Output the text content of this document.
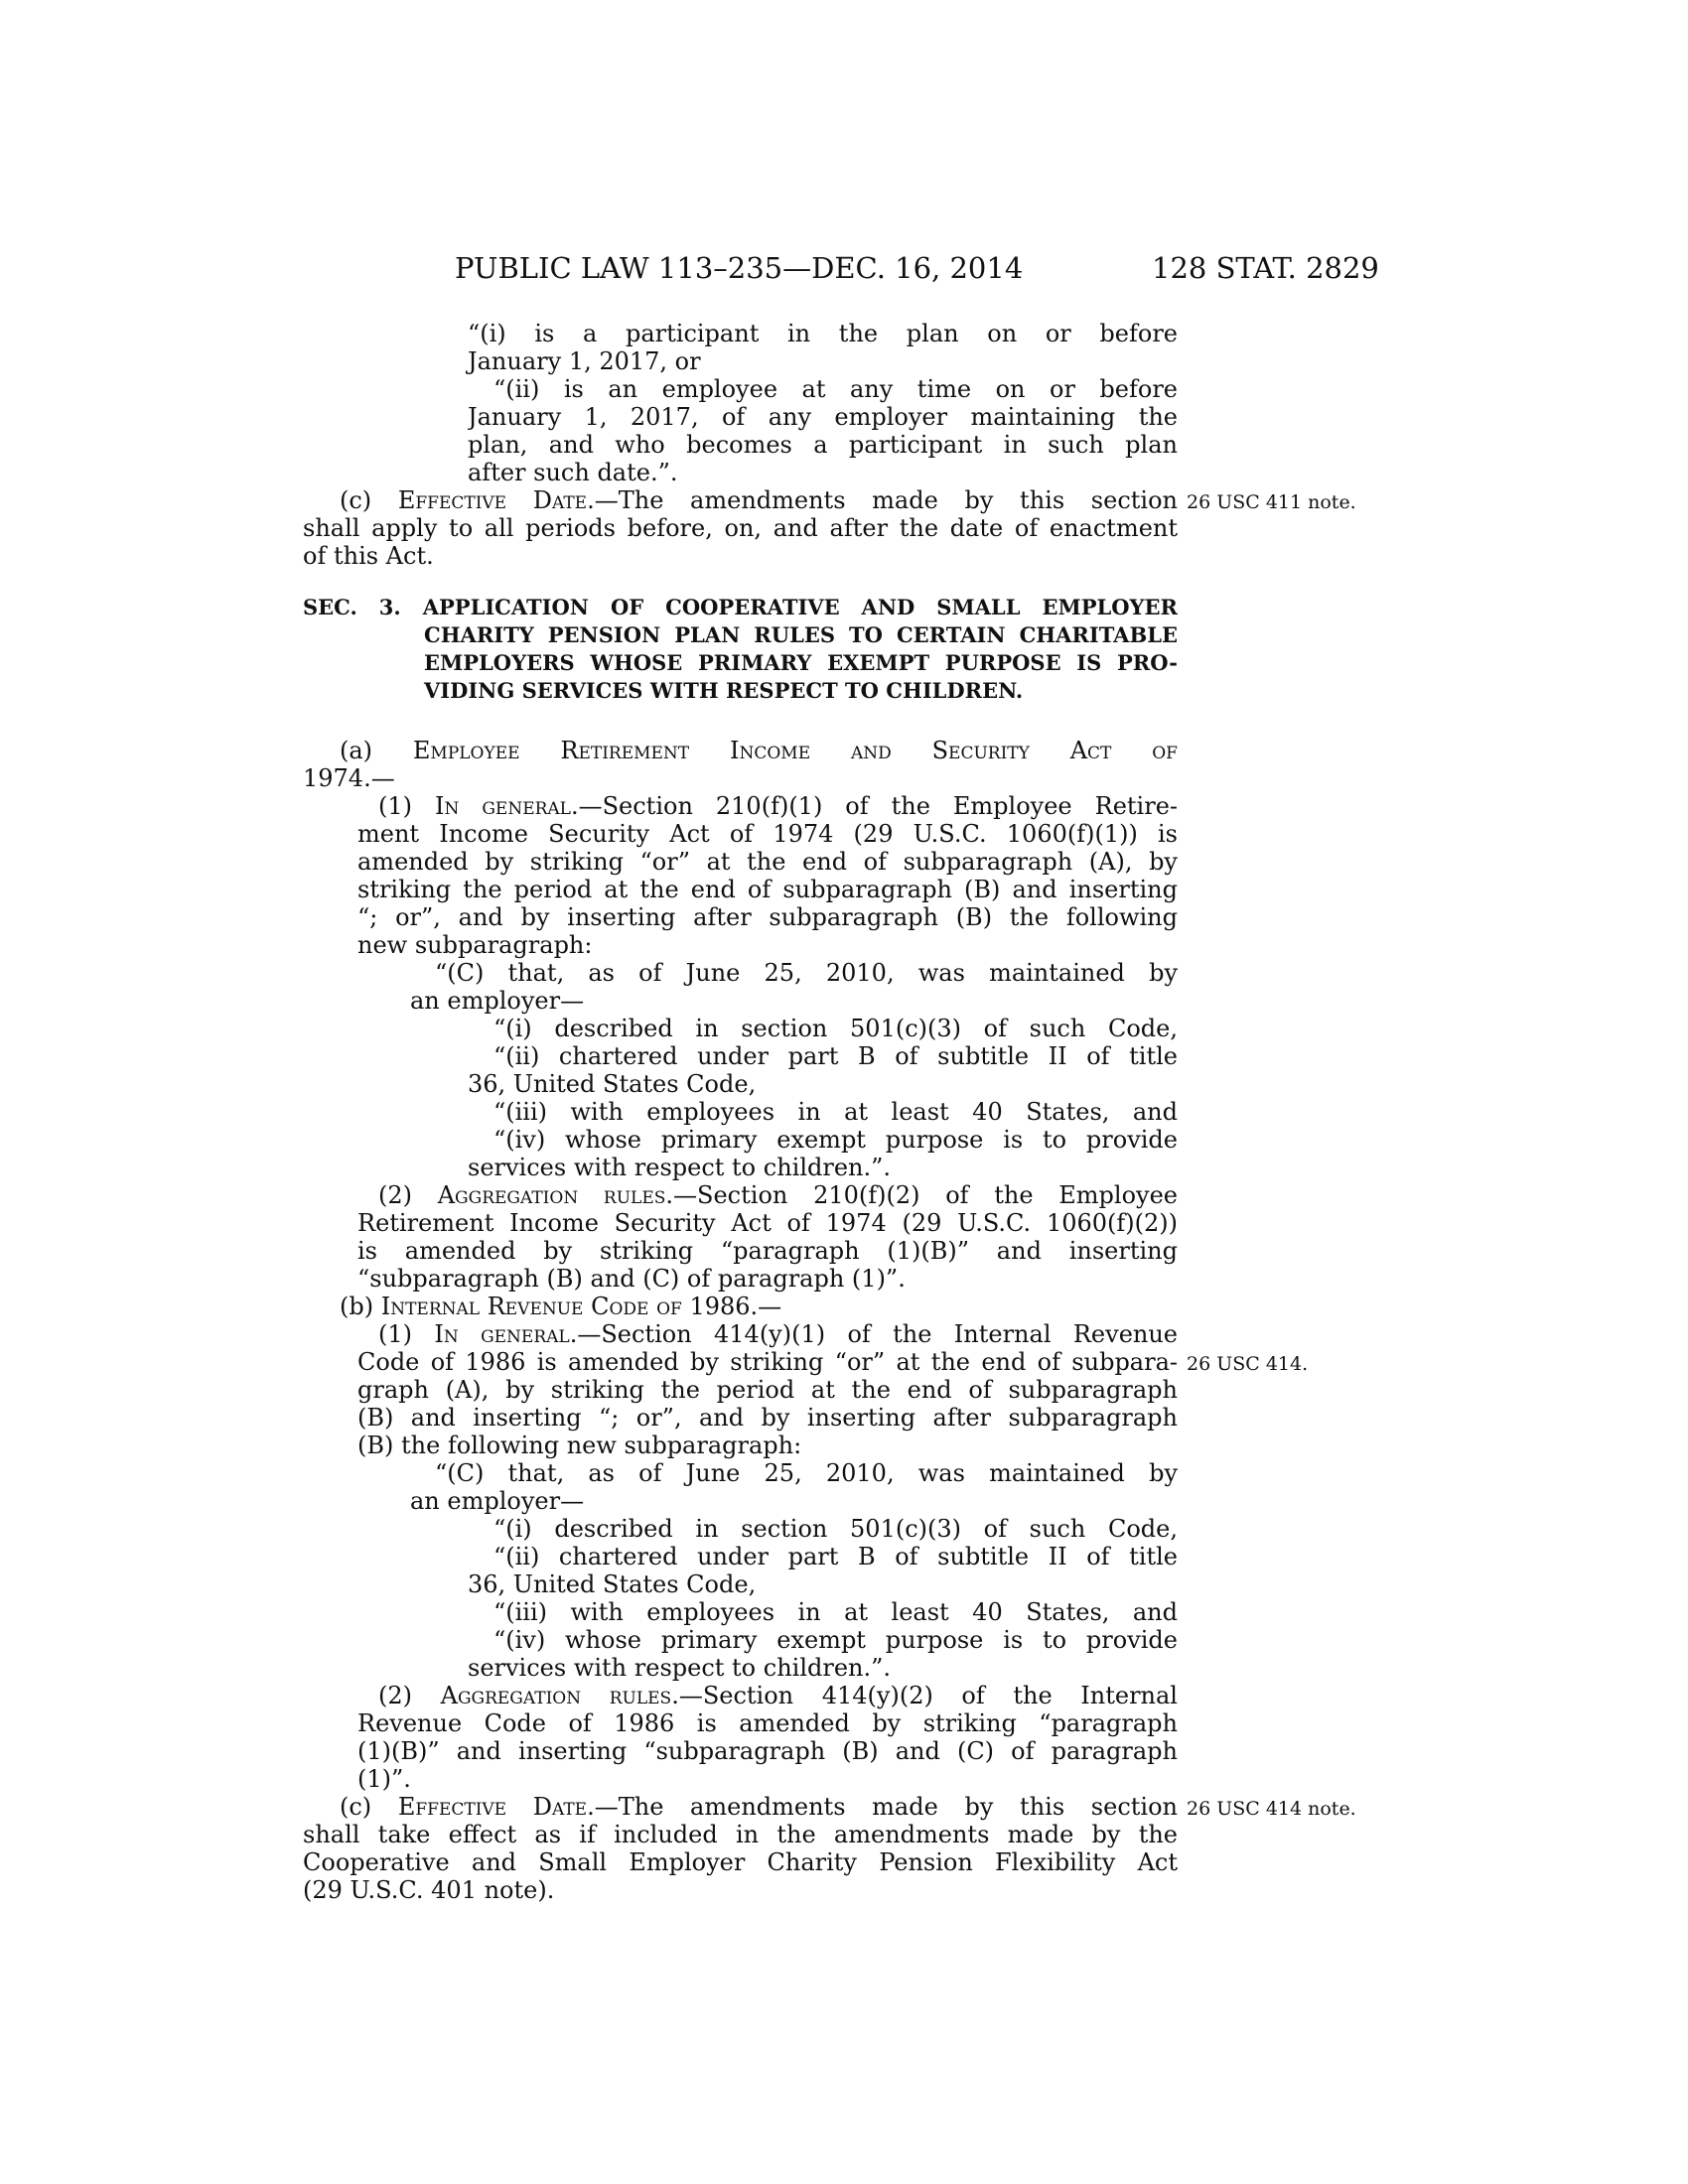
PUBLIC LAW 113–235—DEC. 16, 2014	128 STAT. 2829
“(i) is a participant in the plan on or before
January 1, 2017, or
“(ii) is an employee at any time on or before
January 1, 2017, of any employer maintaining the
plan, and who becomes a participant in such plan
after such date.”.
(c) Effective Date.—The amendments made by this section
shall apply to all periods before, on, and after the date of enactment
of this Act.
(a) Employee Retirement Income and Security Act of
1974.—
(1) In general.—Section 210(f)(1) of the Employee Retire-
ment Income Security Act of 1974 (29 U.S.C. 1060(f)(1)) is
amended by striking “or” at the end of subparagraph (A), by
striking the period at the end of subparagraph (B) and inserting
“; or”, and by inserting after subparagraph (B) the following
new subparagraph:
“(C) that, as of June 25, 2010, was maintained by
an employer—
“(i) described in section 501(c)(3) of such Code,
“(ii) chartered under part B of subtitle II of title
36, United States Code,
“(iii) with employees in at least 40 States, and
“(iv) whose primary exempt purpose is to provide
services with respect to children.”.
(2) Aggregation rules.—Section 210(f)(2) of the Employee
Retirement Income Security Act of 1974 (29 U.S.C. 1060(f)(2))
is amended by striking “paragraph (1)(B)” and inserting
“subparagraph (B) and (C) of paragraph (1)”.
(b) Internal Revenue Code of 1986.—
(1) In general.—Section 414(y)(1) of the Internal Revenue
Code of 1986 is amended by striking “or” at the end of subpara-
graph (A), by striking the period at the end of subparagraph
(B) and inserting “; or”, and by inserting after subparagraph
(B) the following new subparagraph:
“(C) that, as of June 25, 2010, was maintained by
an employer—
“(i) described in section 501(c)(3) of such Code,
“(ii) chartered under part B of subtitle II of title
36, United States Code,
“(iii) with employees in at least 40 States, and
“(iv) whose primary exempt purpose is to provide
services with respect to children.”.
(2) Aggregation rules.—Section 414(y)(2) of the Internal
Revenue Code of 1986 is amended by striking “paragraph
(1)(B)” and inserting “subparagraph (B) and (C) of paragraph
(1)”.
(c) Effective Date.—The amendments made by this section
shall take effect as if included in the amendments made by the
Cooperative and Small Employer Charity Pension Flexibility Act
(29 U.S.C. 401 note).
SEC. 3. APPLICATION OF COOPERATIVE AND SMALL EMPLOYER
CHARITY PENSION PLAN RULES TO CERTAIN CHARITABLE
EMPLOYERS WHOSE PRIMARY EXEMPT PURPOSE IS PRO-
VIDING SERVICES WITH RESPECT TO CHILDREN.
26 USC 411 note.
26 USC 414.
26 USC 414 note.
